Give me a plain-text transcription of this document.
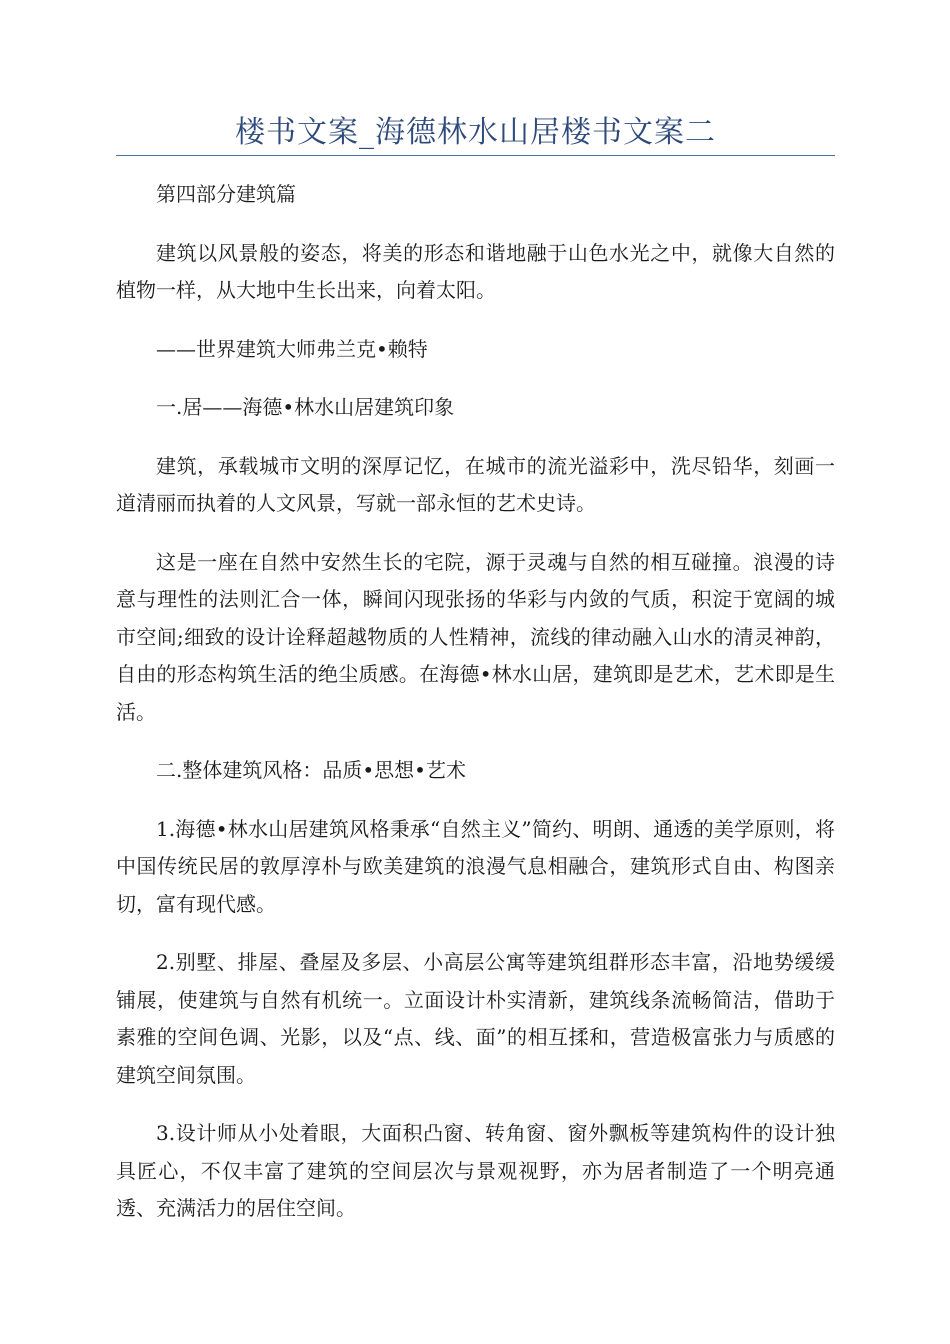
楼书文案_海德林水山居楼书文案二

第四部分建筑篇

建筑以风景般的姿态，将美的形态和谐地融于山色水光之中，就像大自然的植物一样，从大地中生长出来，向着太阳。

——世界建筑大师弗兰克•赖特

一.居——海德•林水山居建筑印象

建筑，承载城市文明的深厚记忆，在城市的流光溢彩中，洗尽铅华，刻画一道清丽而执着的人文风景，写就一部永恒的艺术史诗。

这是一座在自然中安然生长的宅院，源于灵魂与自然的相互碰撞。浪漫的诗意与理性的法则汇合一体，瞬间闪现张扬的华彩与内敛的气质，积淀于宽阔的城市空间;细致的设计诠释超越物质的人性精神，流线的律动融入山水的清灵神韵，自由的形态构筑生活的绝尘质感。在海德•林水山居，建筑即是艺术，艺术即是生活。

二.整体建筑风格：品质•思想•艺术

1.海德•林水山居建筑风格秉承“自然主义”简约、明朗、通透的美学原则，将中国传统民居的敦厚淳朴与欧美建筑的浪漫气息相融合，建筑形式自由、构图亲切，富有现代感。

2.别墅、排屋、叠屋及多层、小高层公寓等建筑组群形态丰富，沿地势缓缓铺展，使建筑与自然有机统一。立面设计朴实清新，建筑线条流畅简洁，借助于素雅的空间色调、光影，以及“点、线、面”的相互揉和，营造极富张力与质感的建筑空间氛围。

3.设计师从小处着眼，大面积凸窗、转角窗、窗外飘板等建筑构件的设计独具匠心，不仅丰富了建筑的空间层次与景观视野，亦为居者制造了一个明亮通透、充满活力的居住空间。
